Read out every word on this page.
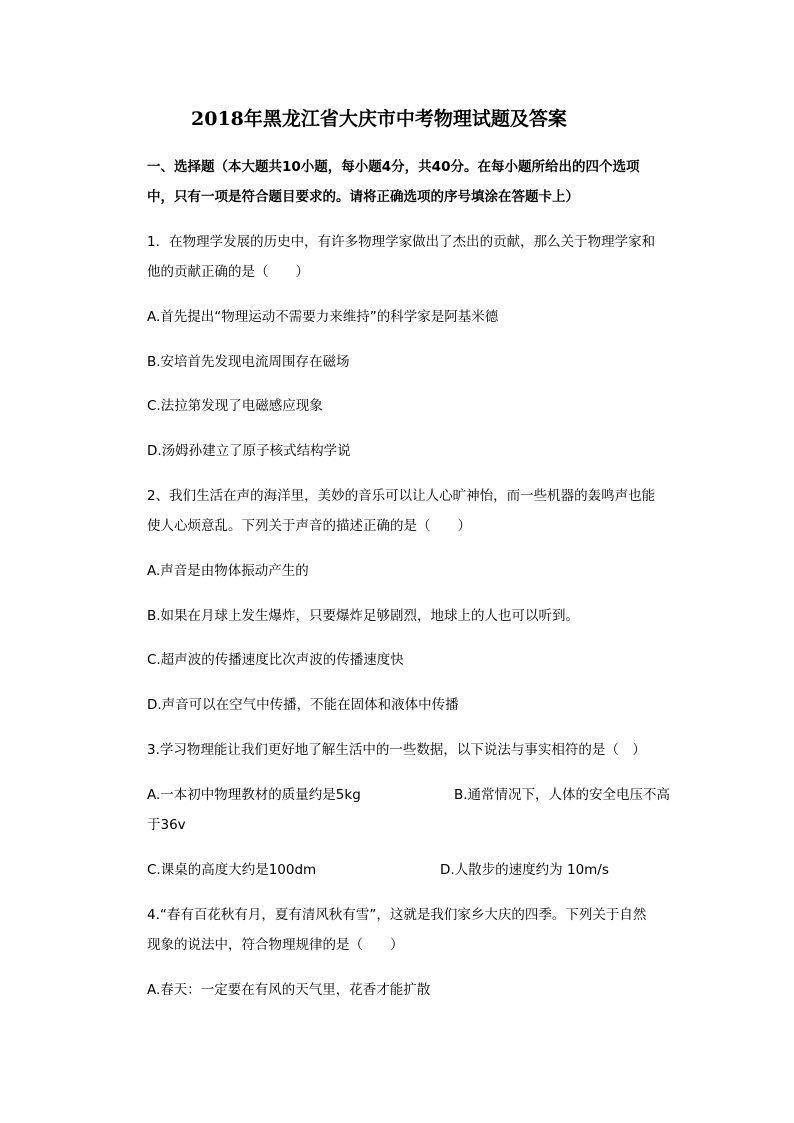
2018年黑龙江省大庆市中考物理试题及答案
一、选择题（本大题共10小题，每小题4分，共40分。在每小题所给出的四个选项
中，只有一项是符合题目要求的。请将正确选项的序号填涂在答题卡上）
1．在物理学发展的历史中，有许多物理学家做出了杰出的贡献，那么关于物理学家和
他的贡献正确的是（　　）
A.首先提出“物理运动不需要力来维持”的科学家是阿基米德
B.安培首先发现电流周围存在磁场
C.法拉第发现了电磁感应现象
D.汤姆孙建立了原子核式结构学说
2、我们生活在声的海洋里，美妙的音乐可以让人心旷神怡，而一些机器的轰鸣声也能
使人心烦意乱。下列关于声音的描述正确的是（　　）
A.声音是由物体振动产生的
B.如果在月球上发生爆炸，只要爆炸足够剧烈，地球上的人也可以听到。
C.超声波的传播速度比次声波的传播速度快
D.声音可以在空气中传播，不能在固体和液体中传播
3.学习物理能让我们更好地了解生活中的一些数据，以下说法与事实相符的是（　）
A.一本初中物理教材的质量约是5kg	B.通常情况下，人体的安全电压不高
于36v
C.课桌的高度大约是100dm	D.人散步的速度约为 10m/s
4.“春有百花秋有月，夏有清风秋有雪”，这就是我们家乡大庆的四季。下列关于自然
现象的说法中，符合物理规律的是（　　）
A.春天：一定要在有风的天气里，花香才能扩散
